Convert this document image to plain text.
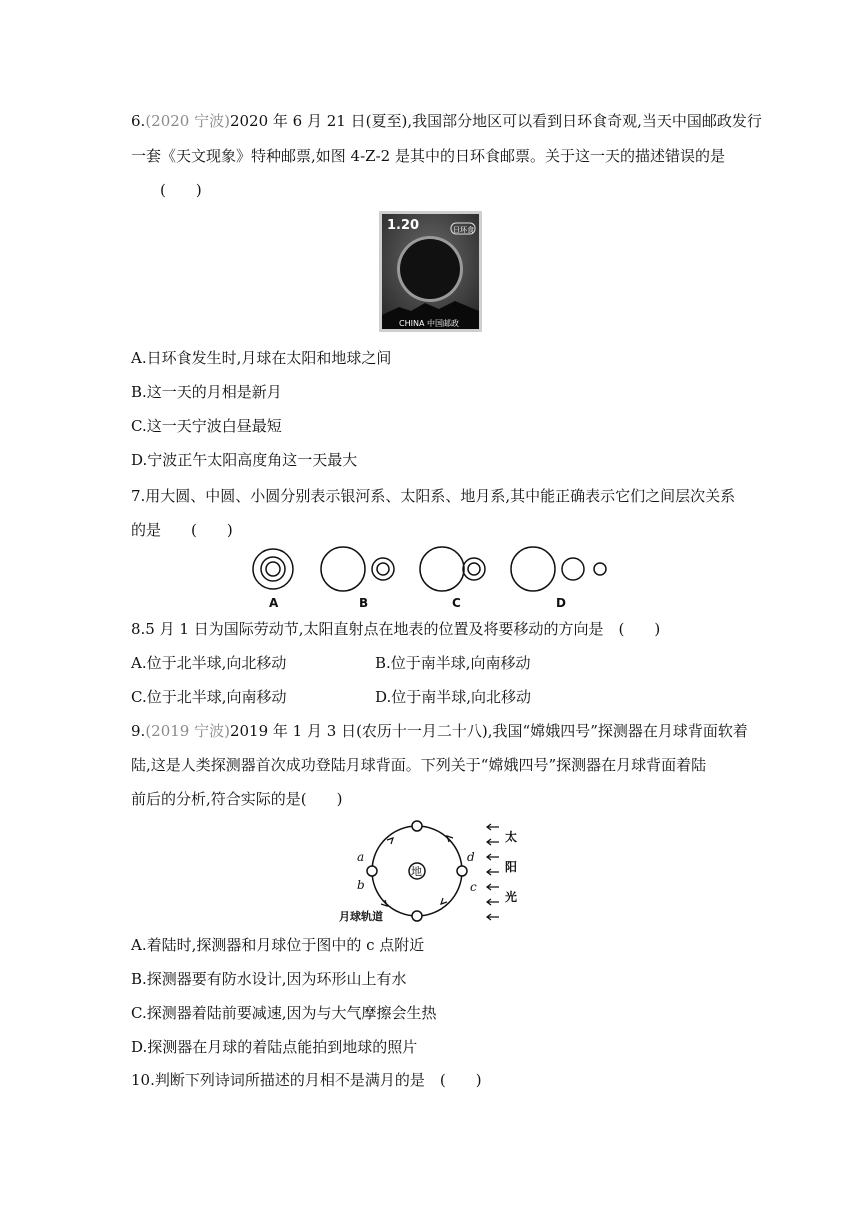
6.(2020 宁波)2020 年 6 月 21 日(夏至),我国部分地区可以看到日环食奇观,当天中国邮政发行
一套《天文现象》特种邮票,如图 4-Z-2 是其中的日环食邮票。关于这一天的描述错误的是
(　　)
1.20	日环食
CHINA 中国邮政
A.日环食发生时,月球在太阳和地球之间
B.这一天的月相是新月
C.这一天宁波白昼最短
D.宁波正午太阳高度角这一天最大
7.用大圆、中圆、小圆分别表示银河系、太阳系、地月系,其中能正确表示它们之间层次关系
的是　　(　　)
A	B	C	D
8.5 月 1 日为国际劳动节,太阳直射点在地表的位置及将要移动的方向是　(　　)
A.位于北半球,向北移动	B.位于南半球,向南移动
C.位于北半球,向南移动	D.位于南半球,向北移动
9.(2019 宁波)2019 年 1 月 3 日(农历十一月二十八),我国“嫦娥四号”探测器在月球背面软着
陆,这是人类探测器首次成功登陆月球背面。下列关于“嫦娥四号”探测器在月球背面着陆
前后的分析,符合实际的是(　　)
地
a
b	c
d
月球轨道
太
阳
光
A.着陆时,探测器和月球位于图中的 c 点附近
B.探测器要有防水设计,因为环形山上有水
C.探测器着陆前要减速,因为与大气摩擦会生热
D.探测器在月球的着陆点能拍到地球的照片
10.判断下列诗词所描述的月相不是满月的是　(　　)
